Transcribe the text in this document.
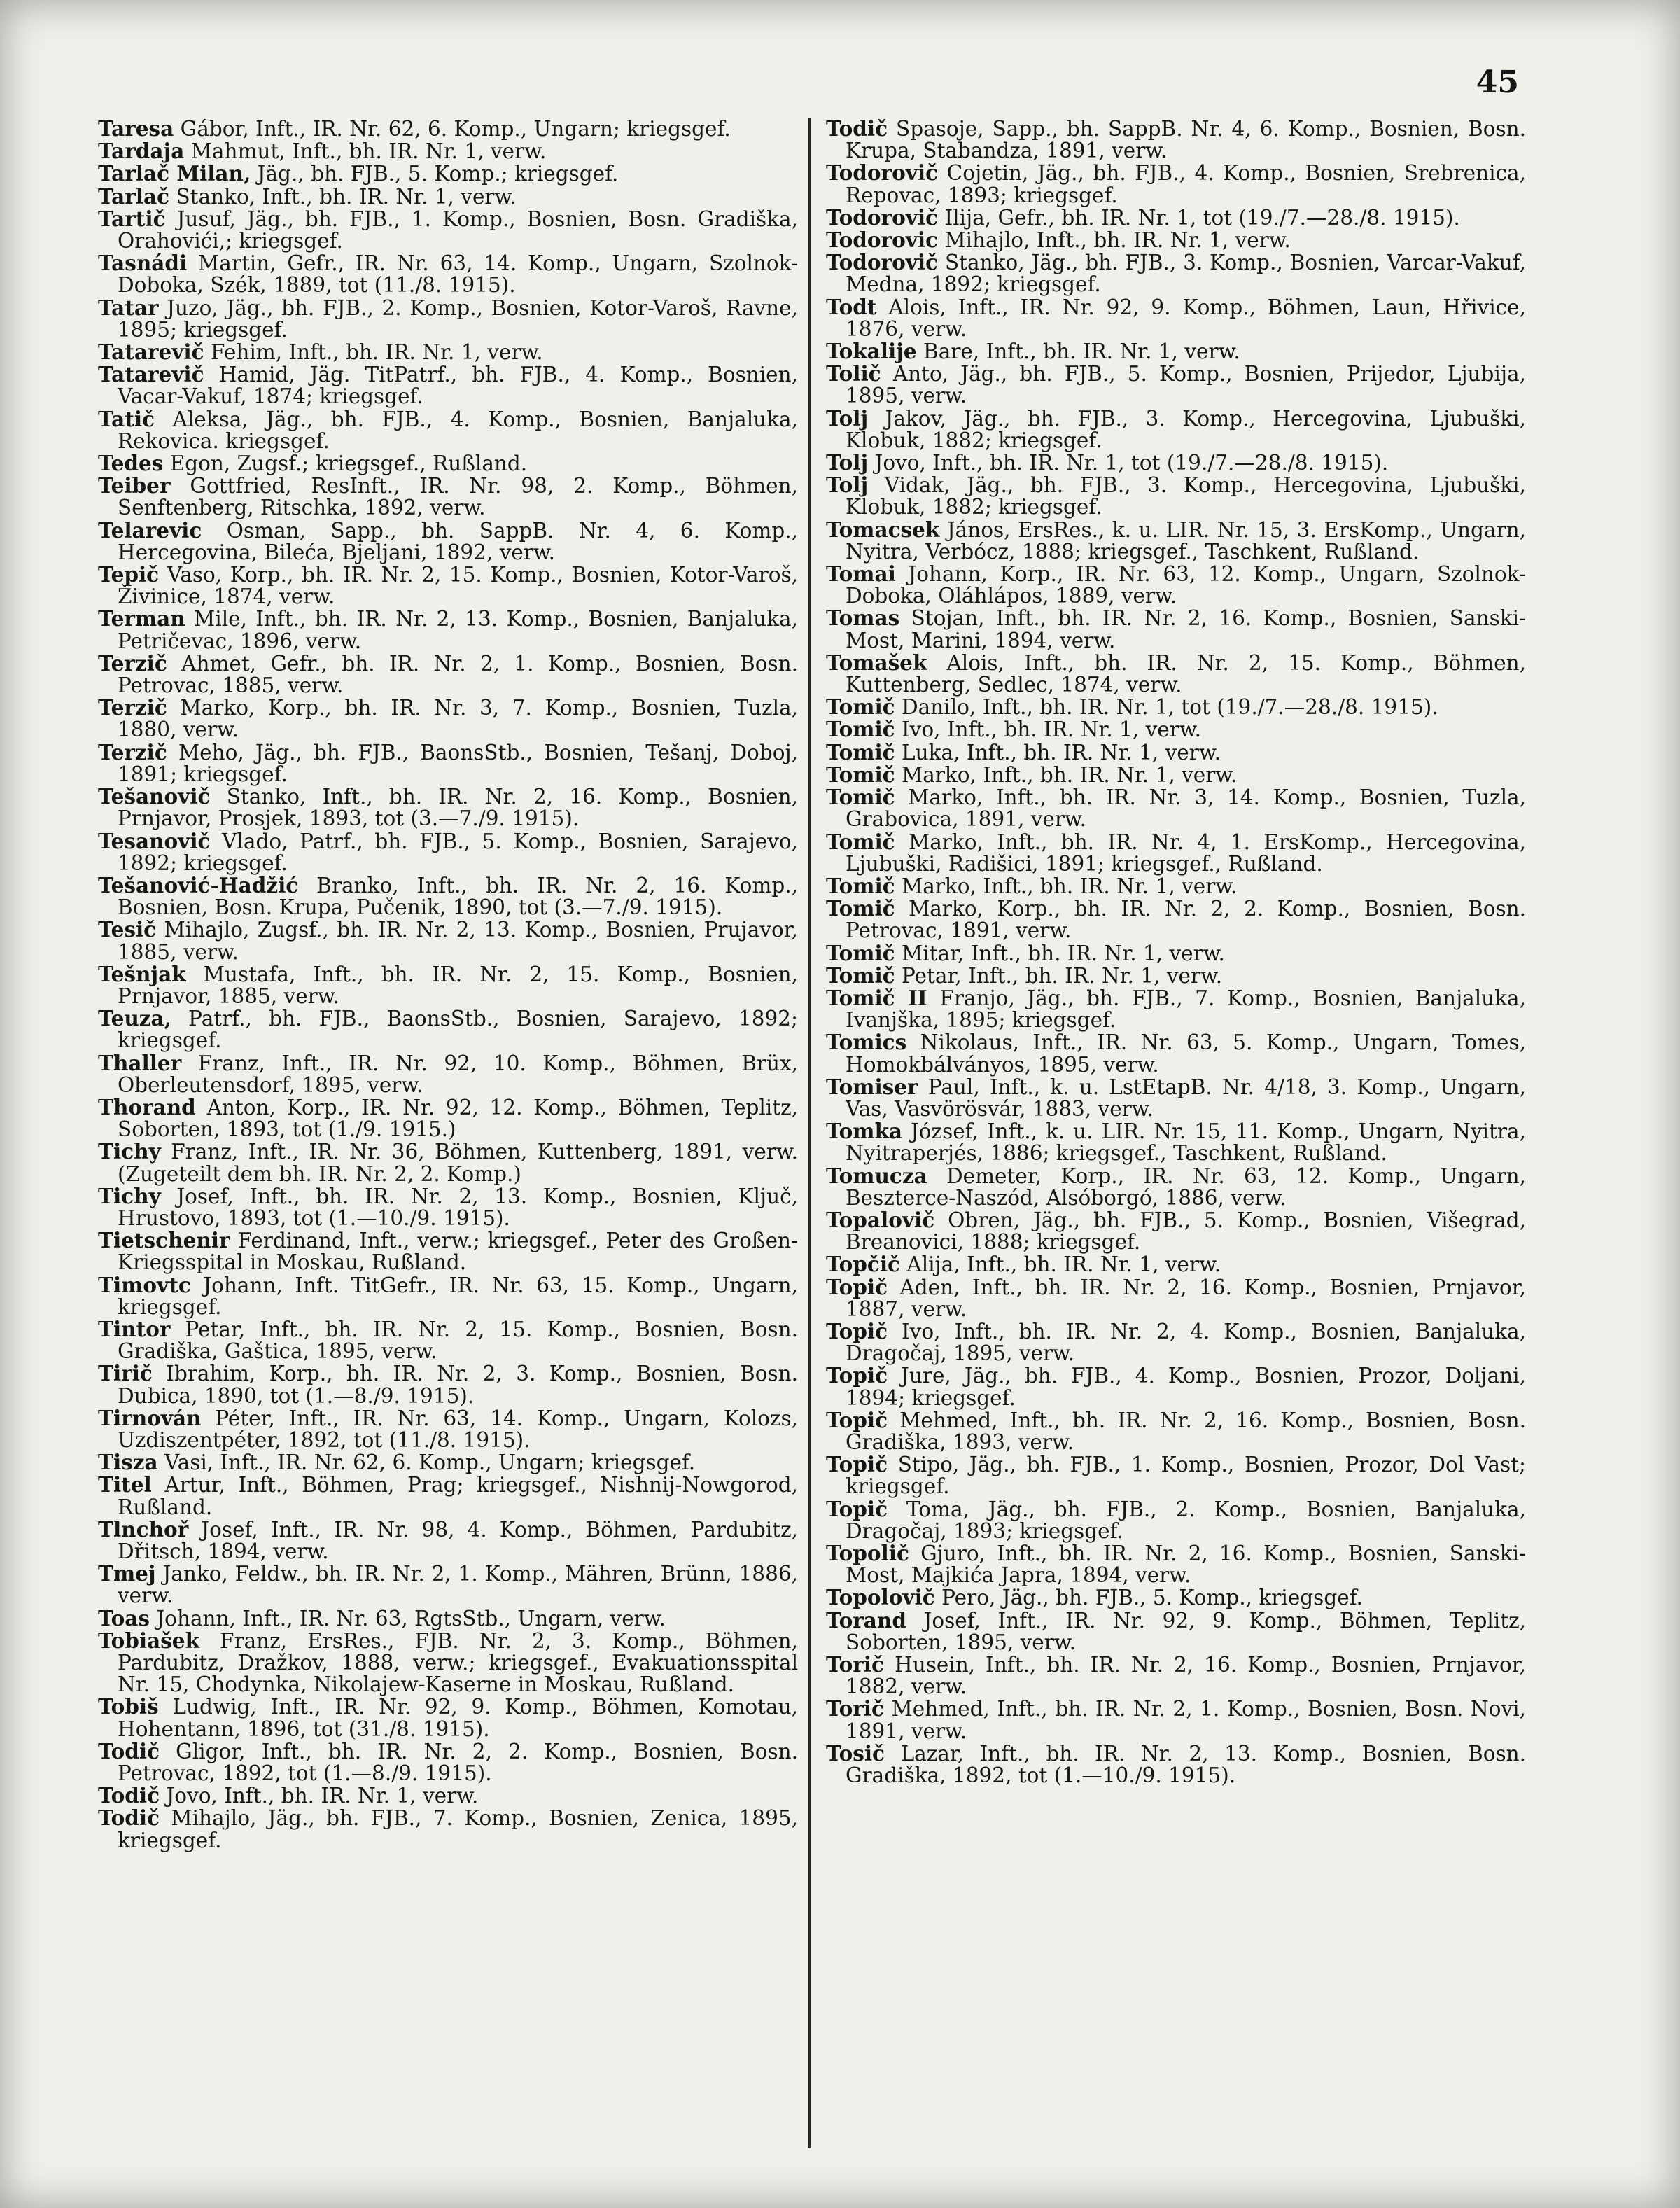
45

Taresa Gábor, Inft., IR. Nr. 62, 6. Komp., Ungarn; kriegsgef.

Tardaja Mahmut, Inft., bh. IR. Nr. 1, verw.

Tarlač Milan, Jäg., bh. FJB., 5. Komp.; kriegsgef.

Tarlač Stanko, Inft., bh. IR. Nr. 1, verw.

Tartič Jusuf, Jäg., bh. FJB., 1. Komp., Bosnien, Bosn. Gradiška, Orahovići,; kriegsgef.

Tasnádi Martin, Gefr., IR. Nr. 63, 14. Komp., Ungarn, Szolnok-Doboka, Szék, 1889, tot (11./8. 1915).

Tatar Juzo, Jäg., bh. FJB., 2. Komp., Bosnien, Kotor-Varoš, Ravne, 1895; kriegsgef.

Tatarevič Fehim, Inft., bh. IR. Nr. 1, verw.

Tatarevič Hamid, Jäg. TitPatrf., bh. FJB., 4. Komp., Bosnien, Vacar-Vakuf, 1874; kriegsgef.

Tatič Aleksa, Jäg., bh. FJB., 4. Komp., Bosnien, Banjaluka, Rekovica. kriegsgef.

Tedes Egon, Zugsf.; kriegsgef., Rußland.

Teiber Gottfried, ResInft., IR. Nr. 98, 2. Komp., Böhmen, Senftenberg, Ritschka, 1892, verw.

Telarevic Osman, Sapp., bh. SappB. Nr. 4, 6. Komp., Hercegovina, Bileća, Bjeljani, 1892, verw.

Tepič Vaso, Korp., bh. IR. Nr. 2, 15. Komp., Bosnien, Kotor-Varoš, Živinice, 1874, verw.

Terman Mile, Inft., bh. IR. Nr. 2, 13. Komp., Bosnien, Banjaluka, Petričevac, 1896, verw.

Terzič Ahmet, Gefr., bh. IR. Nr. 2, 1. Komp., Bosnien, Bosn. Petrovac, 1885, verw.

Terzič Marko, Korp., bh. IR. Nr. 3, 7. Komp., Bosnien, Tuzla, 1880, verw.

Terzič Meho, Jäg., bh. FJB., BaonsStb., Bosnien, Tešanj, Doboj, 1891; kriegsgef.

Tešanovič Stanko, Inft., bh. IR. Nr. 2, 16. Komp., Bosnien, Prnjavor, Prosjek, 1893, tot (3.—7./9. 1915).

Tesanovič Vlado, Patrf., bh. FJB., 5. Komp., Bosnien, Sarajevo, 1892; kriegsgef.

Tešanović-Hadžić Branko, Inft., bh. IR. Nr. 2, 16. Komp., Bosnien, Bosn. Krupa, Pučenik, 1890, tot (3.—7./9. 1915).

Tesič Mihajlo, Zugsf., bh. IR. Nr. 2, 13. Komp., Bosnien, Prujavor, 1885, verw.

Tešnjak Mustafa, Inft., bh. IR. Nr. 2, 15. Komp., Bosnien, Prnjavor, 1885, verw.

Teuza, Patrf., bh. FJB., BaonsStb., Bosnien, Sarajevo, 1892; kriegsgef.

Thaller Franz, Inft., IR. Nr. 92, 10. Komp., Böhmen, Brüx, Oberleutensdorf, 1895, verw.

Thorand Anton, Korp., IR. Nr. 92, 12. Komp., Böhmen, Teplitz, Soborten, 1893, tot (1./9. 1915.)

Tichy Franz, Inft., IR. Nr. 36, Böhmen, Kuttenberg, 1891, verw. (Zugeteilt dem bh. IR. Nr. 2, 2. Komp.)

Tichy Josef, Inft., bh. IR. Nr. 2, 13. Komp., Bosnien, Ključ, Hrustovo, 1893, tot (1.—10./9. 1915).

Tietschenir Ferdinand, Inft., verw.; kriegsgef., Peter des Großen-Kriegsspital in Moskau, Rußland.

Timovtc Johann, Inft. TitGefr., IR. Nr. 63, 15. Komp., Ungarn, kriegsgef.

Tintor Petar, Inft., bh. IR. Nr. 2, 15. Komp., Bosnien, Bosn. Gradiška, Gaštica, 1895, verw.

Tirič Ibrahim, Korp., bh. IR. Nr. 2, 3. Komp., Bosnien, Bosn. Dubica, 1890, tot (1.—8./9. 1915).

Tirnován Péter, Inft., IR. Nr. 63, 14. Komp., Ungarn, Kolozs, Uzdiszentpéter, 1892, tot (11./8. 1915).

Tisza Vasi, Inft., IR. Nr. 62, 6. Komp., Ungarn; kriegsgef.

Titel Artur, Inft., Böhmen, Prag; kriegsgef., Nishnij-Nowgorod, Rußland.

Tlnchoř Josef, Inft., IR. Nr. 98, 4. Komp., Böhmen, Pardubitz, Dřitsch, 1894, verw.

Tmej Janko, Feldw., bh. IR. Nr. 2, 1. Komp., Mähren, Brünn, 1886, verw.

Toas Johann, Inft., IR. Nr. 63, RgtsStb., Ungarn, verw.

Tobiašek Franz, ErsRes., FJB. Nr. 2, 3. Komp., Böhmen, Pardubitz, Dražkov, 1888, verw.; kriegsgef., Evakuationsspital Nr. 15, Chodynka, Nikolajew-Kaserne in Moskau, Rußland.

Tobiš Ludwig, Inft., IR. Nr. 92, 9. Komp., Böhmen, Komotau, Hohentann, 1896, tot (31./8. 1915).

Todič Gligor, Inft., bh. IR. Nr. 2, 2. Komp., Bosnien, Bosn. Petrovac, 1892, tot (1.—8./9. 1915).

Todič Jovo, Inft., bh. IR. Nr. 1, verw.

Todič Mihajlo, Jäg., bh. FJB., 7. Komp., Bosnien, Zenica, 1895, kriegsgef.

Todič Spasoje, Sapp., bh. SappB. Nr. 4, 6. Komp., Bosnien, Bosn. Krupa, Stabandza, 1891, verw.

Todorovič Cojetin, Jäg., bh. FJB., 4. Komp., Bosnien, Srebrenica, Repovac, 1893; kriegsgef.

Todorovič Ilija, Gefr., bh. IR. Nr. 1, tot (19./7.—28./8. 1915).

Todorovic Mihajlo, Inft., bh. IR. Nr. 1, verw.

Todorovič Stanko, Jäg., bh. FJB., 3. Komp., Bosnien, Varcar-Vakuf, Medna, 1892; kriegsgef.

Todt Alois, Inft., IR. Nr. 92, 9. Komp., Böhmen, Laun, Hřivice, 1876, verw.

Tokalije Bare, Inft., bh. IR. Nr. 1, verw.

Tolič Anto, Jäg., bh. FJB., 5. Komp., Bosnien, Prijedor, Ljubija, 1895, verw.

Tolj Jakov, Jäg., bh. FJB., 3. Komp., Hercegovina, Ljubuški, Klobuk, 1882; kriegsgef.

Tolj Jovo, Inft., bh. IR. Nr. 1, tot (19./7.—28./8. 1915).

Tolj Vidak, Jäg., bh. FJB., 3. Komp., Hercegovina, Ljubuški, Klobuk, 1882; kriegsgef.

Tomacsek János, ErsRes., k. u. LIR. Nr. 15, 3. ErsKomp., Ungarn, Nyitra, Verbócz, 1888; kriegsgef., Taschkent, Rußland.

Tomai Johann, Korp., IR. Nr. 63, 12. Komp., Ungarn, Szolnok-Doboka, Oláhlápos, 1889, verw.

Tomas Stojan, Inft., bh. IR. Nr. 2, 16. Komp., Bosnien, Sanski-Most, Marini, 1894, verw.

Tomašek Alois, Inft., bh. IR. Nr. 2, 15. Komp., Böhmen, Kuttenberg, Sedlec, 1874, verw.

Tomič Danilo, Inft., bh. IR. Nr. 1, tot (19./7.—28./8. 1915).

Tomič Ivo, Inft., bh. IR. Nr. 1, verw.

Tomič Luka, Inft., bh. IR. Nr. 1, verw.

Tomič Marko, Inft., bh. IR. Nr. 1, verw.

Tomič Marko, Inft., bh. IR. Nr. 3, 14. Komp., Bosnien, Tuzla, Grabovica, 1891, verw.

Tomič Marko, Inft., bh. IR. Nr. 4, 1. ErsKomp., Hercegovina, Ljubuški, Radišici, 1891; kriegsgef., Rußland.

Tomič Marko, Inft., bh. IR. Nr. 1, verw.

Tomič Marko, Korp., bh. IR. Nr. 2, 2. Komp., Bosnien, Bosn. Petrovac, 1891, verw.

Tomič Mitar, Inft., bh. IR. Nr. 1, verw.

Tomič Petar, Inft., bh. IR. Nr. 1, verw.

Tomič II Franjo, Jäg., bh. FJB., 7. Komp., Bosnien, Banjaluka, Ivanjška, 1895; kriegsgef.

Tomics Nikolaus, Inft., IR. Nr. 63, 5. Komp., Ungarn, Tomes, Homokbálványos, 1895, verw.

Tomiser Paul, Inft., k. u. LstEtapB. Nr. 4/18, 3. Komp., Ungarn, Vas, Vasvörösvár, 1883, verw.

Tomka József, Inft., k. u. LIR. Nr. 15, 11. Komp., Ungarn, Nyitra, Nyitraperjés, 1886; kriegsgef., Taschkent, Rußland.

Tomucza Demeter, Korp., IR. Nr. 63, 12. Komp., Ungarn, Beszterce-Naszód, Alsóborgó, 1886, verw.

Topalovič Obren, Jäg., bh. FJB., 5. Komp., Bosnien, Višegrad, Breanovici, 1888; kriegsgef.

Topčič Alija, Inft., bh. IR. Nr. 1, verw.

Topič Aden, Inft., bh. IR. Nr. 2, 16. Komp., Bosnien, Prnjavor, 1887, verw.

Topič Ivo, Inft., bh. IR. Nr. 2, 4. Komp., Bosnien, Banjaluka, Dragočaj, 1895, verw.

Topič Jure, Jäg., bh. FJB., 4. Komp., Bosnien, Prozor, Doljani, 1894; kriegsgef.

Topič Mehmed, Inft., bh. IR. Nr. 2, 16. Komp., Bosnien, Bosn. Gradiška, 1893, verw.

Topič Stipo, Jäg., bh. FJB., 1. Komp., Bosnien, Prozor, Dol Vast; kriegsgef.

Topič Toma, Jäg., bh. FJB., 2. Komp., Bosnien, Banjaluka, Dragočaj, 1893; kriegsgef.

Topolič Gjuro, Inft., bh. IR. Nr. 2, 16. Komp., Bosnien, Sanski-Most, Majkića Japra, 1894, verw.

Topolovič Pero, Jäg., bh. FJB., 5. Komp., kriegsgef.

Torand Josef, Inft., IR. Nr. 92, 9. Komp., Böhmen, Teplitz, Soborten, 1895, verw.

Torič Husein, Inft., bh. IR. Nr. 2, 16. Komp., Bosnien, Prnjavor, 1882, verw.

Torič Mehmed, Inft., bh. IR. Nr. 2, 1. Komp., Bosnien, Bosn. Novi, 1891, verw.

Tosič Lazar, Inft., bh. IR. Nr. 2, 13. Komp., Bosnien, Bosn. Gradiška, 1892, tot (1.—10./9. 1915).
